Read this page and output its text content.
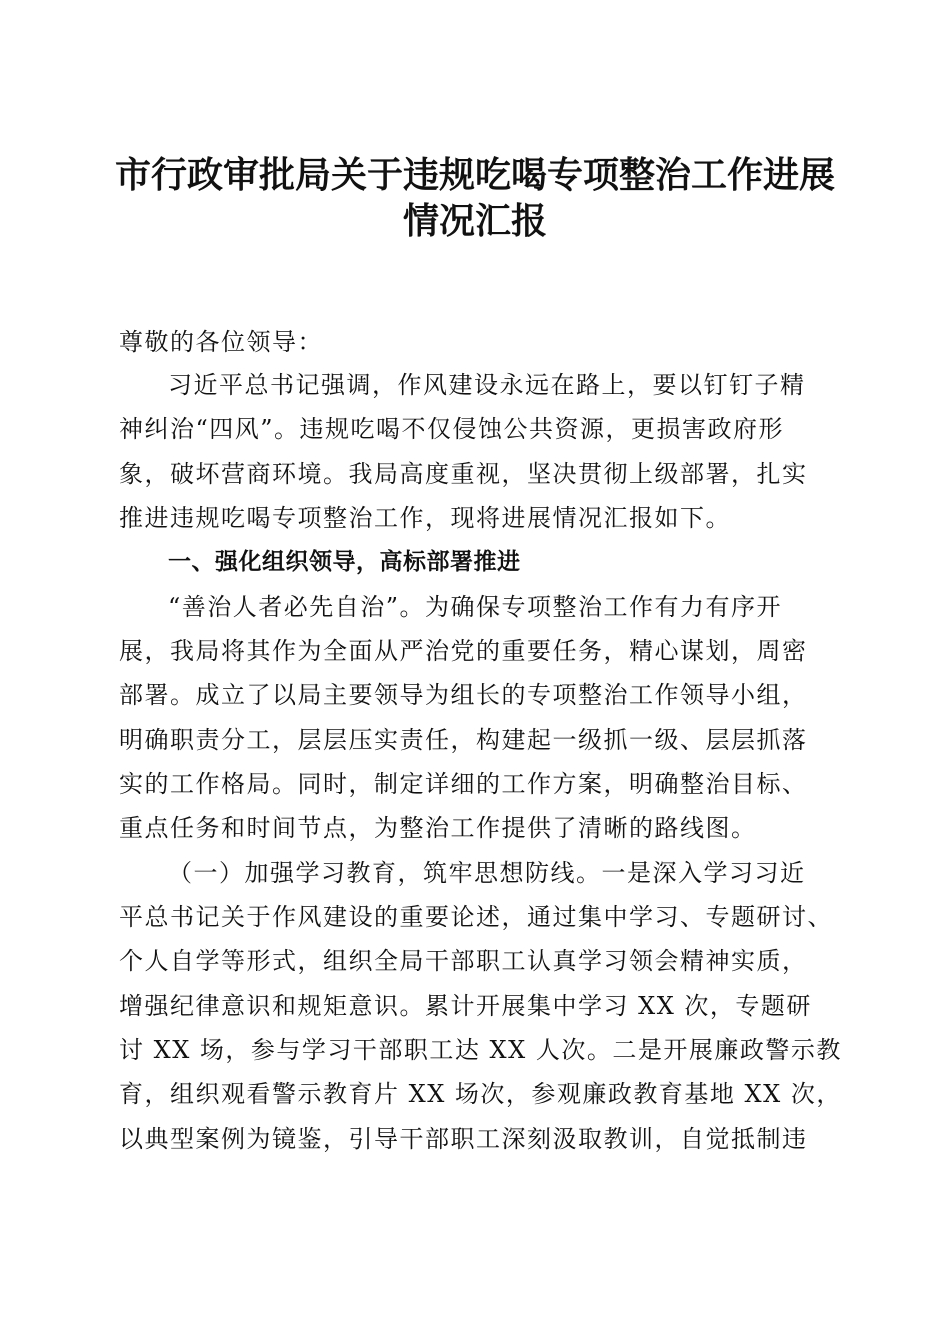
市行政审批局关于违规吃喝专项整治工作进展
情况汇报
尊敬的各位领导：
习近平总书记强调，作风建设永远在路上，要以钉钉子精
神纠治“四风”。违规吃喝不仅侵蚀公共资源，更损害政府形
象，破坏营商环境。我局高度重视，坚决贯彻上级部署，扎实
推进违规吃喝专项整治工作，现将进展情况汇报如下。
一、强化组织领导，高标部署推进
“善治人者必先自治”。为确保专项整治工作有力有序开
展，我局将其作为全面从严治党的重要任务，精心谋划，周密
部署。成立了以局主要领导为组长的专项整治工作领导小组，
明确职责分工，层层压实责任，构建起一级抓一级、层层抓落
实的工作格局。同时，制定详细的工作方案，明确整治目标、
重点任务和时间节点，为整治工作提供了清晰的路线图。
（一）加强学习教育，筑牢思想防线。一是深入学习习近
平总书记关于作风建设的重要论述，通过集中学习、专题研讨、
个人自学等形式，组织全局干部职工认真学习领会精神实质，
增强纪律意识和规矩意识。累计开展集中学习 XX 次，专题研
讨 XX 场，参与学习干部职工达 XX 人次。二是开展廉政警示教
育，组织观看警示教育片 XX 场次，参观廉政教育基地 XX 次，
以典型案例为镜鉴，引导干部职工深刻汲取教训，自觉抵制违
